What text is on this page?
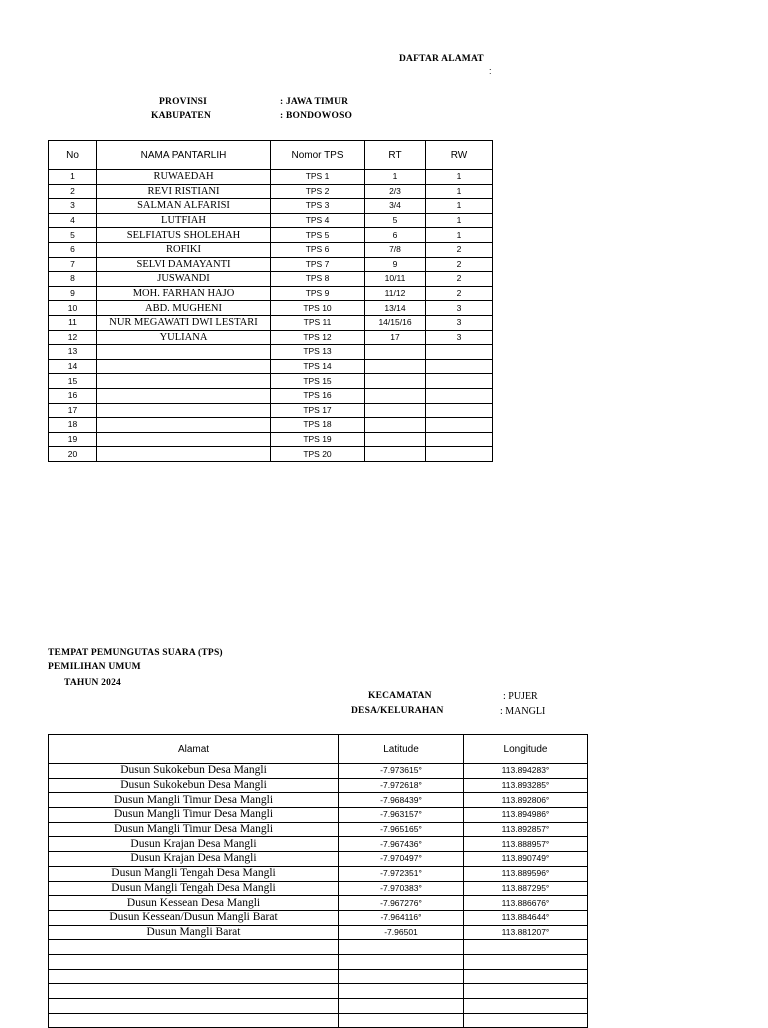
DAFTAR ALAMAT
:
PROVINSI	: JAWA TIMUR
KABUPATEN	: BONDOWOSO
No	NAMA PANTARLIH	Nomor TPS	RT	RW
1	RUWAEDAH	TPS 1	1	1
2	REVI RISTIANI	TPS 2	2/3	1
3	SALMAN ALFARISI	TPS 3	3/4	1
4	LUTFIAH	TPS 4	5	1
5	SELFIATUS SHOLEHAH	TPS 5	6	1
6	ROFIKI	TPS 6	7/8	2
7	SELVI DAMAYANTI	TPS 7	9	2
8	JUSWANDI	TPS 8	10/11	2
9	MOH. FARHAN HAJO	TPS 9	11/12	2
10	ABD. MUGHENI	TPS 10	13/14	3
11	NUR MEGAWATI DWI LESTARI	TPS 11	14/15/16	3
12	YULIANA	TPS 12	17	3
13		TPS 13		
14		TPS 14		
15		TPS 15		
16		TPS 16		
17		TPS 17		
18		TPS 18		
19		TPS 19		
20		TPS 20		
TEMPAT PEMUNGUTAS SUARA (TPS)
PEMILIHAN UMUM
TAHUN 2024
KECAMATAN	: PUJER
DESA/KELURAHAN	: MANGLI
Alamat	Latitude	Longitude
Dusun Sukokebun Desa Mangli	-7.973615°	113.894283°
Dusun Sukokebun Desa Mangli	-7.972618°	113.893285°
Dusun Mangli Timur Desa Mangli	-7.968439°	113.892806°
Dusun Mangli Timur Desa Mangli	-7.963157°	113.894986°
Dusun Mangli Timur Desa Mangli	-7.965165°	113.892857°
Dusun Krajan Desa Mangli	-7.967436°	113.888957°
Dusun Krajan Desa Mangli	-7.970497°	113.890749°
Dusun Mangli Tengah Desa Mangli	-7.972351°	113.889596°
Dusun Mangli Tengah Desa Mangli	-7.970383°	113.887295°
Dusun Kessean Desa Mangli	-7.967276°	113.886676°
Dusun Kessean/Dusun Mangli Barat	-7.964116°	113.884644°
Dusun Mangli Barat	-7.96501	113.881207°
